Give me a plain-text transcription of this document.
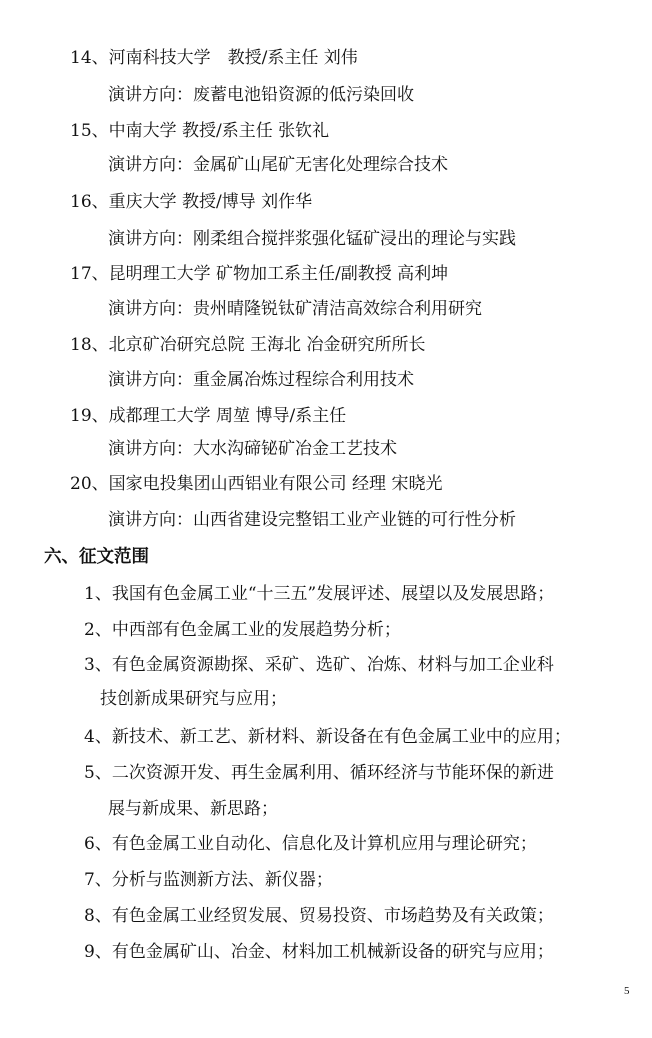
14、河南科技大学　教授/系主任 刘伟
演讲方向：废蓄电池铅资源的低污染回收
15、中南大学 教授/系主任 张钦礼
演讲方向：金属矿山尾矿无害化处理综合技术
16、重庆大学 教授/博导 刘作华
演讲方向：刚柔组合搅拌浆强化锰矿浸出的理论与实践
17、昆明理工大学 矿物加工系主任/副教授 高利坤
演讲方向：贵州晴隆锐钛矿清洁高效综合利用研究
18、北京矿冶研究总院 王海北 冶金研究所所长
演讲方向：重金属冶炼过程综合利用技术
19、成都理工大学 周堃 博导/系主任
演讲方向：大水沟碲铋矿冶金工艺技术
20、国家电投集团山西铝业有限公司 经理 宋晓光
演讲方向：山西省建设完整铝工业产业链的可行性分析
六、征文范围
1、我国有色金属工业“十三五”发展评述、展望以及发展思路；
2、中西部有色金属工业的发展趋势分析；
3、有色金属资源勘探、采矿、选矿、冶炼、材料与加工企业科
技创新成果研究与应用；
4、新技术、新工艺、新材料、新设备在有色金属工业中的应用；
5、二次资源开发、再生金属利用、循环经济与节能环保的新进
展与新成果、新思路；
6、有色金属工业自动化、信息化及计算机应用与理论研究；
7、分析与监测新方法、新仪器；
8、有色金属工业经贸发展、贸易投资、市场趋势及有关政策；
9、有色金属矿山、冶金、材料加工机械新设备的研究与应用；
5
